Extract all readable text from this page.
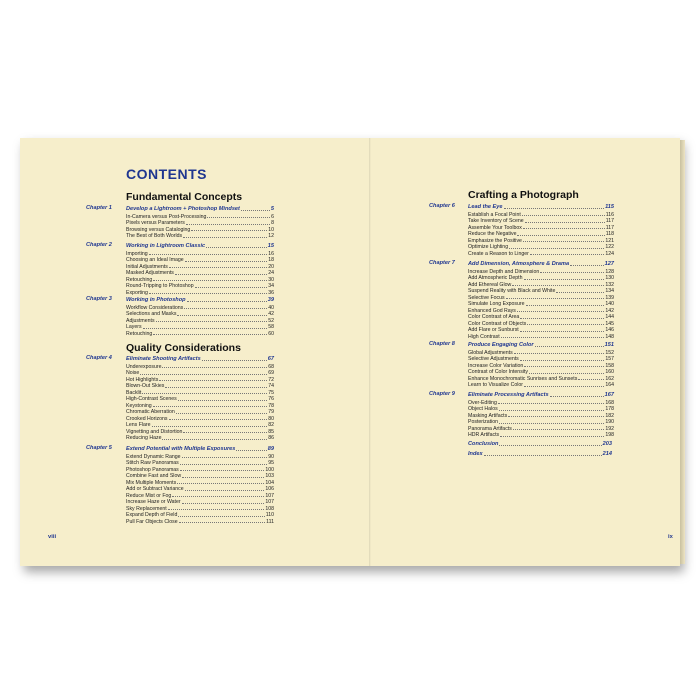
CONTENTS
Fundamental Concepts
Chapter 1	Develop a Lightroom + Photoshop Mindset	5
In-Camera versus Post-Processing	6
Pixels versus Parameters	8
Browsing versus Cataloging	10
The Best of Both Worlds	12
Chapter 2	Working in Lightroom Classic	15
Importing	16
Choosing an Ideal Image	18
Initial Adjustments	20
Masked Adjustments	24
Retouching	30
Round-Tripping to Photoshop	34
Exporting	36
Chapter 3	Working in Photoshop	39
Workflow Considerations	40
Selections and Masks	42
Adjustments	52
Layers	58
Retouching	60
Quality Considerations
Chapter 4	Eliminate Shooting Artifacts	67
Underexposure	68
Noise	69
Hot Highlights	72
Blown-Out Skies	74
Backlit	75
High-Contrast Scenes	76
Keystoning	78
Chromatic Aberration	79
Crooked Horizons	80
Lens Flare	82
Vignetting and Distortion	85
Reducing Haze	86
Chapter 5	Extend Potential with Multiple Exposures	89
Extend Dynamic Range	90
Stitch Raw Panoramas	95
Photoshop Panoramas	100
Combine Fast and Slow	103
Mix Multiple Moments	104
Add or Subtract Variance	106
Reduce Mist or Fog	107
Increase Haze or Water	107
Sky Replacement	108
Expand Depth of Field	110
Pull Far Objects Close	111
viii
Crafting a Photograph
Chapter 6 Lead the Eye	115
Establish a Focal Point	116
Take Inventory of Scene	117
Assemble Your Toolbox	117
Reduce the Negative	118
Emphasize the Positive	121
Optimize Lighting	122
Create a Reason to Linger	124
Chapter 7 Add Dimension, Atmosphere & Drama	127
Increase Depth and Dimension	128
Add Atmospheric Depth	130
Add Ethereal Glow	132
Suspend Reality with Black and White	134
Selective Focus	139
Simulate Long Exposure	140
Enhanced God Rays	142
Color Contrast of Area	144
Color Contrast of Objects	145
Add Flare or Sunburst	146
High Contrast	148
Chapter 8 Produce Engaging Color	151
Global Adjustments	152
Selective Adjustments	157
Increase Color Variation	158
Contrast of Color Intensity	160
Enhance Monochromatic Sunrises and Sunsets	162
Learn to Visualize Color	164
Chapter 9 Eliminate Processing Artifacts	167
Over-Editing	168
Object Halos	178
Masking Artifacts	182
Posterization	190
Panorama Artifacts	192
HDR Artifacts	198
Conclusion	203
Index	214
ix
